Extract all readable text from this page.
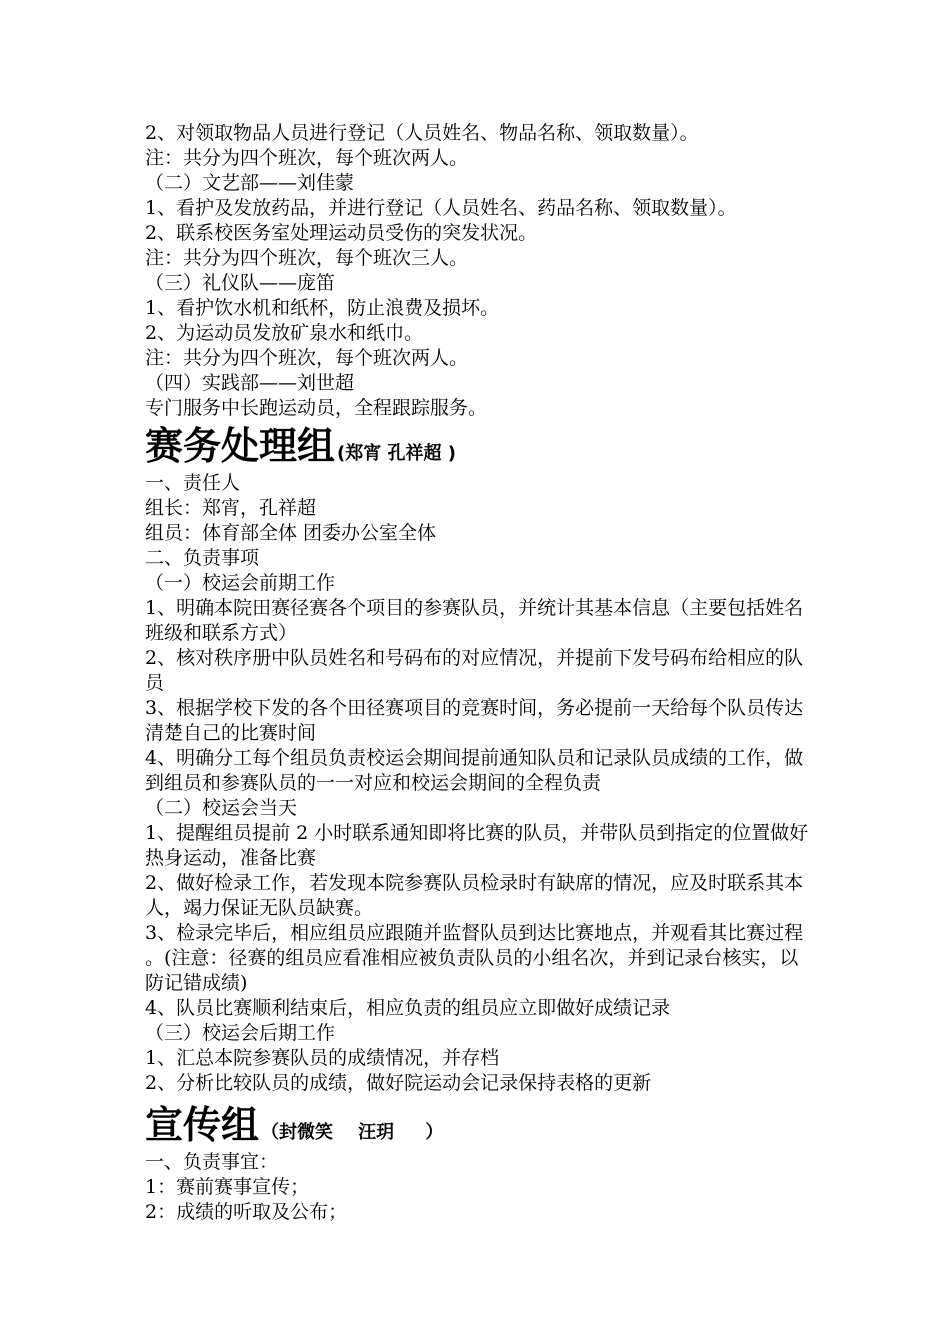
2、对领取物品人员进行登记（人员姓名、物品名称、领取数量）。
注：共分为四个班次，每个班次两人。
（二）文艺部——刘佳蒙
1、看护及发放药品，并进行登记（人员姓名、药品名称、领取数量）。
2、联系校医务室处理运动员受伤的突发状况。
注：共分为四个班次，每个班次三人。
（三）礼仪队——庞笛
1、看护饮水机和纸杯，防止浪费及损坏。
2、为运动员发放矿泉水和纸巾。
注：共分为四个班次，每个班次两人。
（四）实践部——刘世超
专门服务中长跑运动员，全程跟踪服务。
赛务处理组 (郑宵 孔祥超 )
一、责任人
组长：郑宵，孔祥超
组员：体育部全体 团委办公室全体
二、负责事项
（一）校运会前期工作
1、明确本院田赛径赛各个项目的参赛队员，并统计其基本信息（主要包括姓名班级和联系方式）
2、核对秩序册中队员姓名和号码布的对应情况，并提前下发号码布给相应的队员
3、根据学校下发的各个田径赛项目的竞赛时间，务必提前一天给每个队员传达清楚自己的比赛时间
4、明确分工每个组员负责校运会期间提前通知队员和记录队员成绩的工作，做到组员和参赛队员的一一对应和校运会期间的全程负责
（二）校运会当天
1、提醒组员提前 2 小时联系通知即将比赛的队员，并带队员到指定的位置做好热身运动，准备比赛
2、做好检录工作，若发现本院参赛队员检录时有缺席的情况，应及时联系其本人，竭力保证无队员缺赛。
3、检录完毕后，相应组员应跟随并监督队员到达比赛地点，并观看其比赛过程。(注意：径赛的组员应看准相应被负责队员的小组名次，并到记录台核实，以防记错成绩)
4、队员比赛顺利结束后，相应负责的组员应立即做好成绩记录
（三）校运会后期工作
1、汇总本院参赛队员的成绩情况，并存档
2、分析比较队员的成绩，做好院运动会记录保持表格的更新
宣传组 （封微笑    汪玥     ）
一、负责事宜：
1：赛前赛事宣传；
2：成绩的听取及公布；
